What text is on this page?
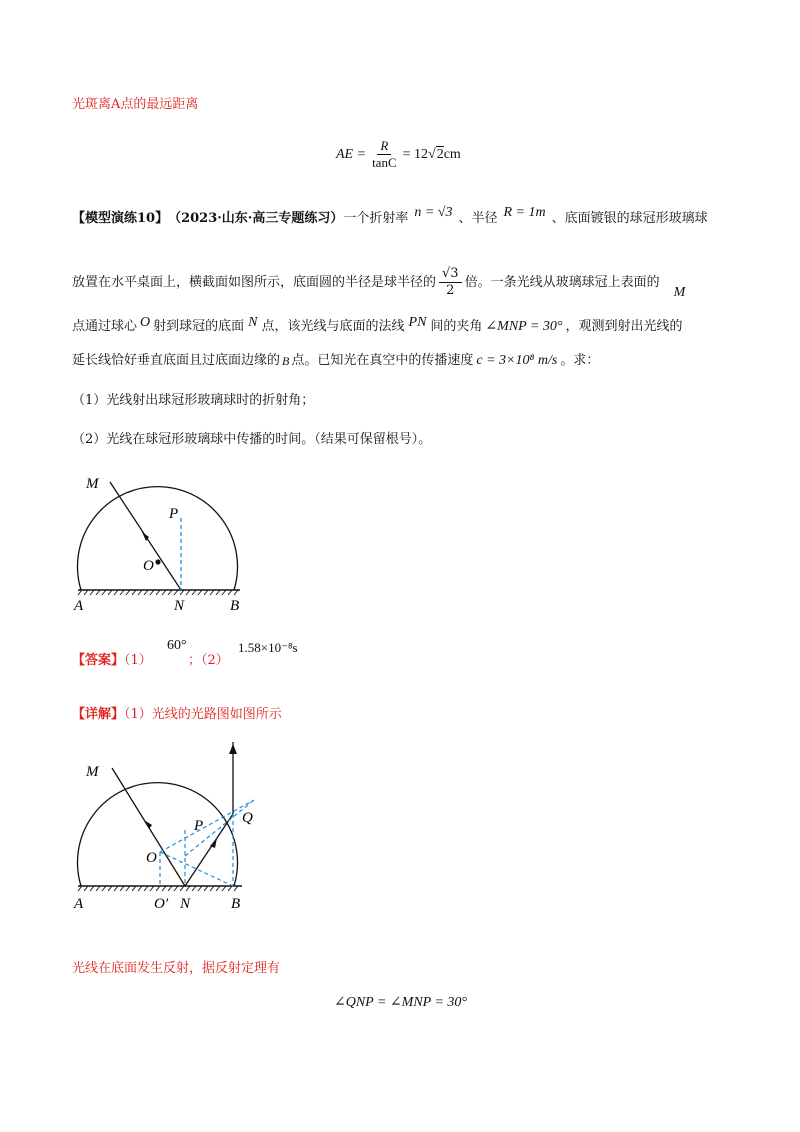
光斑离A点的最远距离
AE = $\frac{R}{\tan C} = 12$ √ 2 cm
【模型演练10】 （2023·山东·高三专题练习） 一个折射率 n = √3 、半径 R = 1m 、底面镀银的球冠形玻璃球
放置在水平桌面上，横截面如图所示，底面圆的半径是球半径的 $\frac{√3}{2}$ 倍。一条光线从玻璃球冠上表面的
M
点通过球心 O 射到球冠的底面 N 点，该光线与底面的法线 PN 间的夹角 ∠MNP = 30° ，观测到射出光线的
延长线恰好垂直底面且过底面边缘的 B 点。已知光在真空中的传播速度 c = 3×10⁸ m/s 。求：
（1）光线射出球冠形玻璃球时的折射角；
（2）光线在球冠形玻璃球中传播的时间。（结果可保留根号）。
M
P
O
A	N	B
【答案】（1）
60°
；（2）
1.58×10⁻⁸s
【详解】（1）光线的光路图如图所示
M
P	Q
O
A	O′ N	B
光线在底面发生反射，据反射定理有
∠QNP = ∠MNP = 30°
